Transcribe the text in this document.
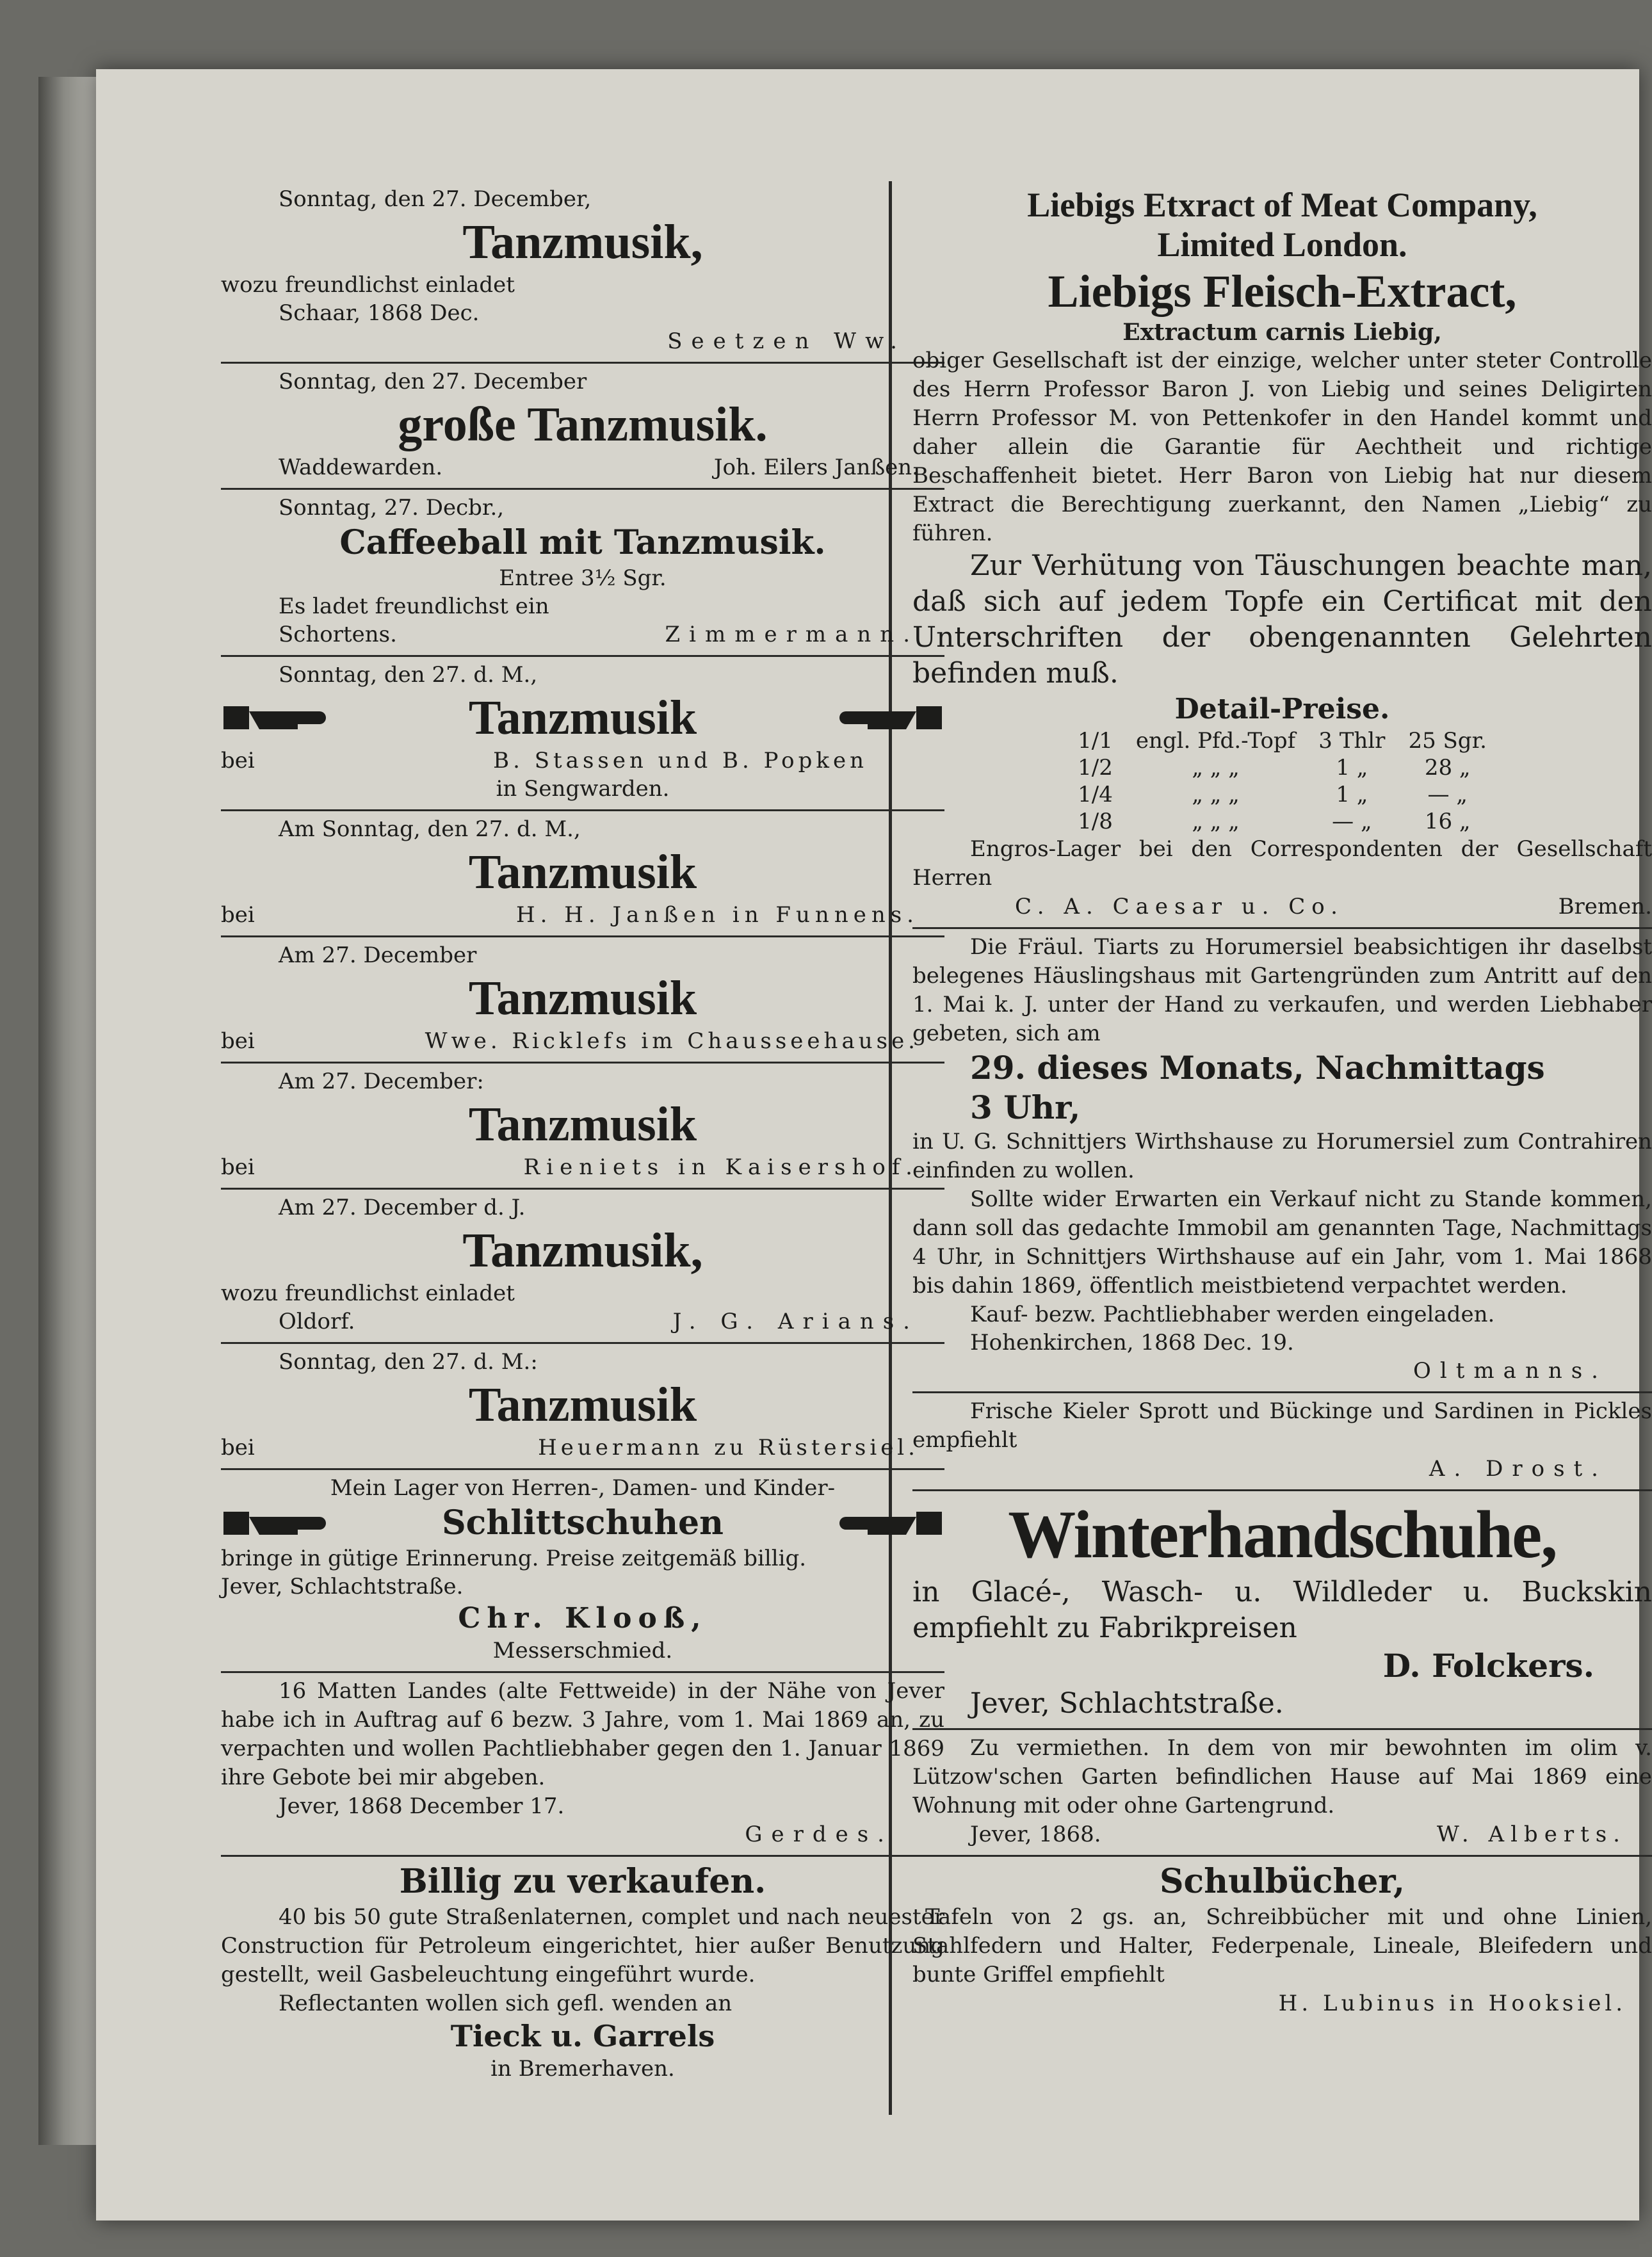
Sonntag, den 27. December,
Tanzmusik,
wozu freundlichst einladet
Schaar, 1868 Dec.
Seetzen Ww.
Sonntag, den 27. December
große Tanzmusik.
Waddewarden.	Joh. Eilers Janßen.
Sonntag, 27. Decbr.,
Caffeeball mit Tanzmusik.
Entree 3½ Sgr.
Es ladet freundlichst ein
Schortens.	Zimmermann.
Sonntag, den 27. d. M.,
Tanzmusik
bei	B. Stassen und B. Popken
in Sengwarden.
Am Sonntag, den 27. d. M.,
Tanzmusik
bei	H. H. Janßen in Funnens.
Am 27. December
Tanzmusik
bei	Wwe. Ricklefs im Chausseehause.
Am 27. December:
Tanzmusik
bei	Rieniets in Kaisershof.
Am 27. December d. J.
Tanzmusik,
wozu freundlichst einladet
Oldorf.	J. G. Arians.
Sonntag, den 27. d. M.:
Tanzmusik
bei	Heuermann zu Rüstersiel.
Mein Lager von Herren-, Damen- und Kinder-
Schlittschuhen
bringe in gütige Erinnerung. Preise zeitgemäß billig.
Jever, Schlachtstraße.
Chr. Klooß,
Messerschmied.
16 Matten Landes (alte Fettweide) in der Nähe von Jever habe ich in Auftrag auf 6 bezw. 3 Jahre, vom 1. Mai 1869 an, zu verpachten und wollen Pachtliebhaber gegen den 1. Januar 1869 ihre Gebote bei mir abgeben.
Jever, 1868 December 17.
Gerdes.
Billig zu verkaufen.
40 bis 50 gute Straßenlaternen, complet und nach neuester Construction für Petroleum eingerichtet, hier außer Benutzung gestellt, weil Gasbeleuchtung eingeführt wurde.
Reflectanten wollen sich gefl. wenden an
Tieck u. Garrels
in Bremerhaven.
Liebigs Etxract of Meat Company,
Limited London.
Liebigs Fleisch-Extract,
Extractum carnis Liebig,
obiger Gesellschaft ist der einzige, welcher unter steter Controlle des Herrn Professor Baron J. von Liebig und seines Deligirten Herrn Professor M. von Pettenkofer in den Handel kommt und daher allein die Garantie für Aechtheit und richtige Beschaffenheit bietet. Herr Baron von Liebig hat nur diesem Extract die Berechtigung zuerkannt, den Namen „Liebig“ zu führen.
Zur Verhütung von Täuschungen beachte man, daß sich auf jedem Topfe ein Certificat mit den Unterschriften der obengenannten Gelehrten befinden muß.
Detail-Preise.
1/1	engl. Pfd.-Topf	3 Thlr	25 Sgr.
1/2	„ „ „	1 „	28 „
1/4	„ „ „	1 „	— „
1/8	„ „ „	— „	16 „
Engros-Lager bei den Correspondenten der Gesellschaft Herren
C. A. Caesar u. Co.	Bremen.
Die Fräul. Tiarts zu Horumersiel beabsichtigen ihr daselbst belegenes Häuslingshaus mit Gartengründen zum Antritt auf den 1. Mai k. J. unter der Hand zu verkaufen, und werden Liebhaber gebeten, sich am
29. dieses Monats, Nachmittags
3 Uhr,
in U. G. Schnittjers Wirthshause zu Horumersiel zum Contrahiren einfinden zu wollen.
Sollte wider Erwarten ein Verkauf nicht zu Stande kommen, dann soll das gedachte Immobil am genannten Tage, Nachmittags 4 Uhr, in Schnittjers Wirthshause auf ein Jahr, vom 1. Mai 1868 bis dahin 1869, öffentlich meistbietend verpachtet werden.
Kauf- bezw. Pachtliebhaber werden eingeladen.
Hohenkirchen, 1868 Dec. 19.
Oltmanns.
Frische Kieler Sprott und Bückinge und Sardinen in Pickles empfiehlt
A. Drost.
Winterhandschuhe,
in Glacé-, Wasch- u. Wildleder u. Buckskin empfiehlt zu Fabrikpreisen
D. Folckers.
Jever, Schlachtstraße.
Zu vermiethen. In dem von mir bewohnten im olim v. Lützow'schen Garten befindlichen Hause auf Mai 1869 eine Wohnung mit oder ohne Gartengrund.
Jever, 1868.	W. Alberts.
Schulbücher,
Tafeln von 2 gs. an, Schreibbücher mit und ohne Linien, Stahlfedern und Halter, Federpenale, Lineale, Bleifedern und bunte Griffel empfiehlt
H. Lubinus in Hooksiel.
